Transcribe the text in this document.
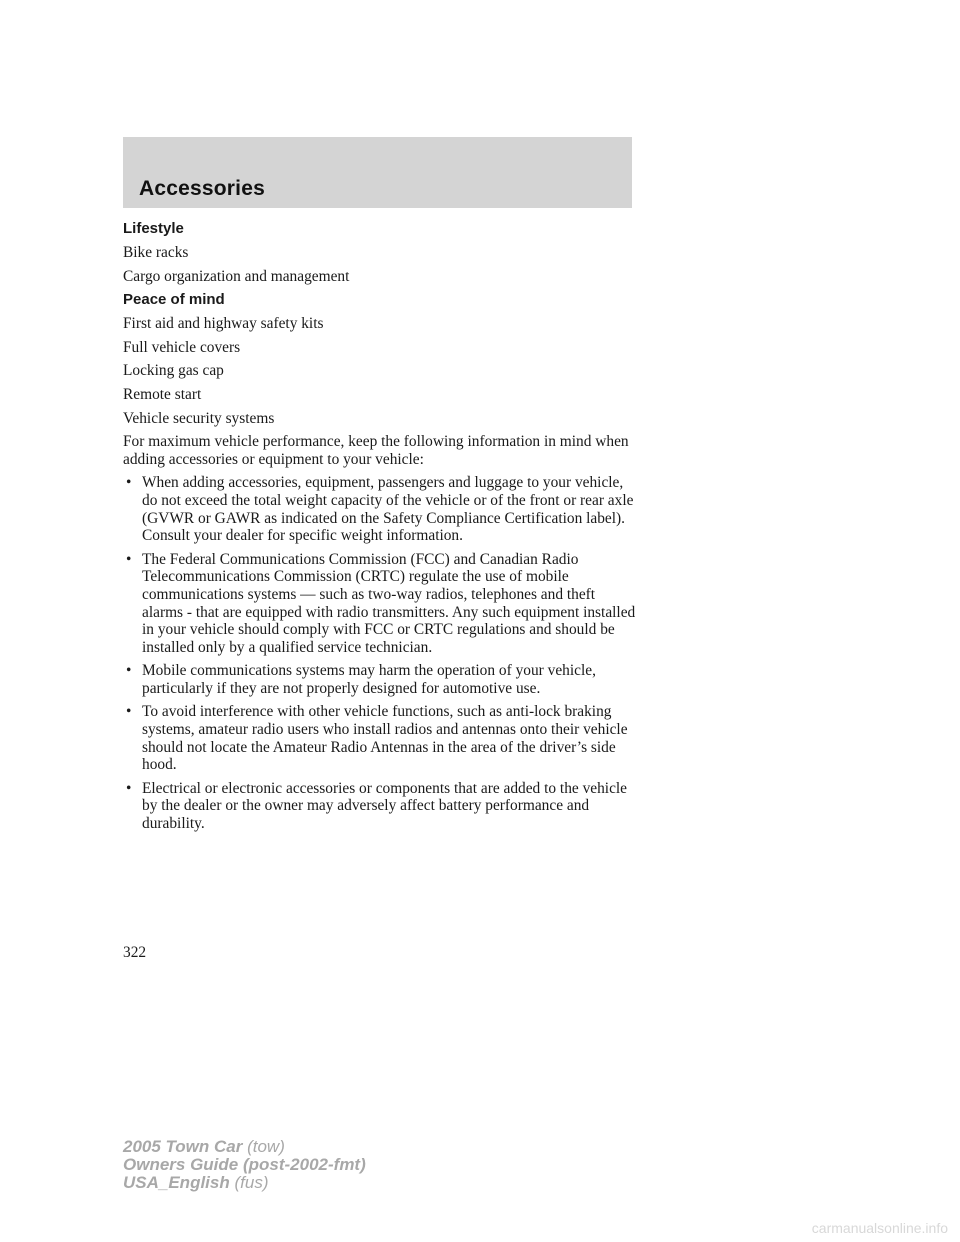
Accessories
Lifestyle
Bike racks
Cargo organization and management
Peace of mind
First aid and highway safety kits
Full vehicle covers
Locking gas cap
Remote start
Vehicle security systems
For maximum vehicle performance, keep the following information in mind when adding accessories or equipment to your vehicle:
• When adding accessories, equipment, passengers and luggage to your vehicle, do not exceed the total weight capacity of the vehicle or of the front or rear axle (GVWR or GAWR as indicated on the Safety Compliance Certification label). Consult your dealer for specific weight information.
• The Federal Communications Commission (FCC) and Canadian Radio Telecommunications Commission (CRTC) regulate the use of mobile communications systems — such as two-way radios, telephones and theft alarms - that are equipped with radio transmitters. Any such equipment installed in your vehicle should comply with FCC or CRTC regulations and should be installed only by a qualified service technician.
• Mobile communications systems may harm the operation of your vehicle, particularly if they are not properly designed for automotive use.
• To avoid interference with other vehicle functions, such as anti-lock braking systems, amateur radio users who install radios and antennas onto their vehicle should not locate the Amateur Radio Antennas in the area of the driver’s side hood.
• Electrical or electronic accessories or components that are added to the vehicle by the dealer or the owner may adversely affect battery performance and durability.
322
2005 Town Car (tow)
Owners Guide (post-2002-fmt)
USA_English (fus)
carmanualsonline.info
